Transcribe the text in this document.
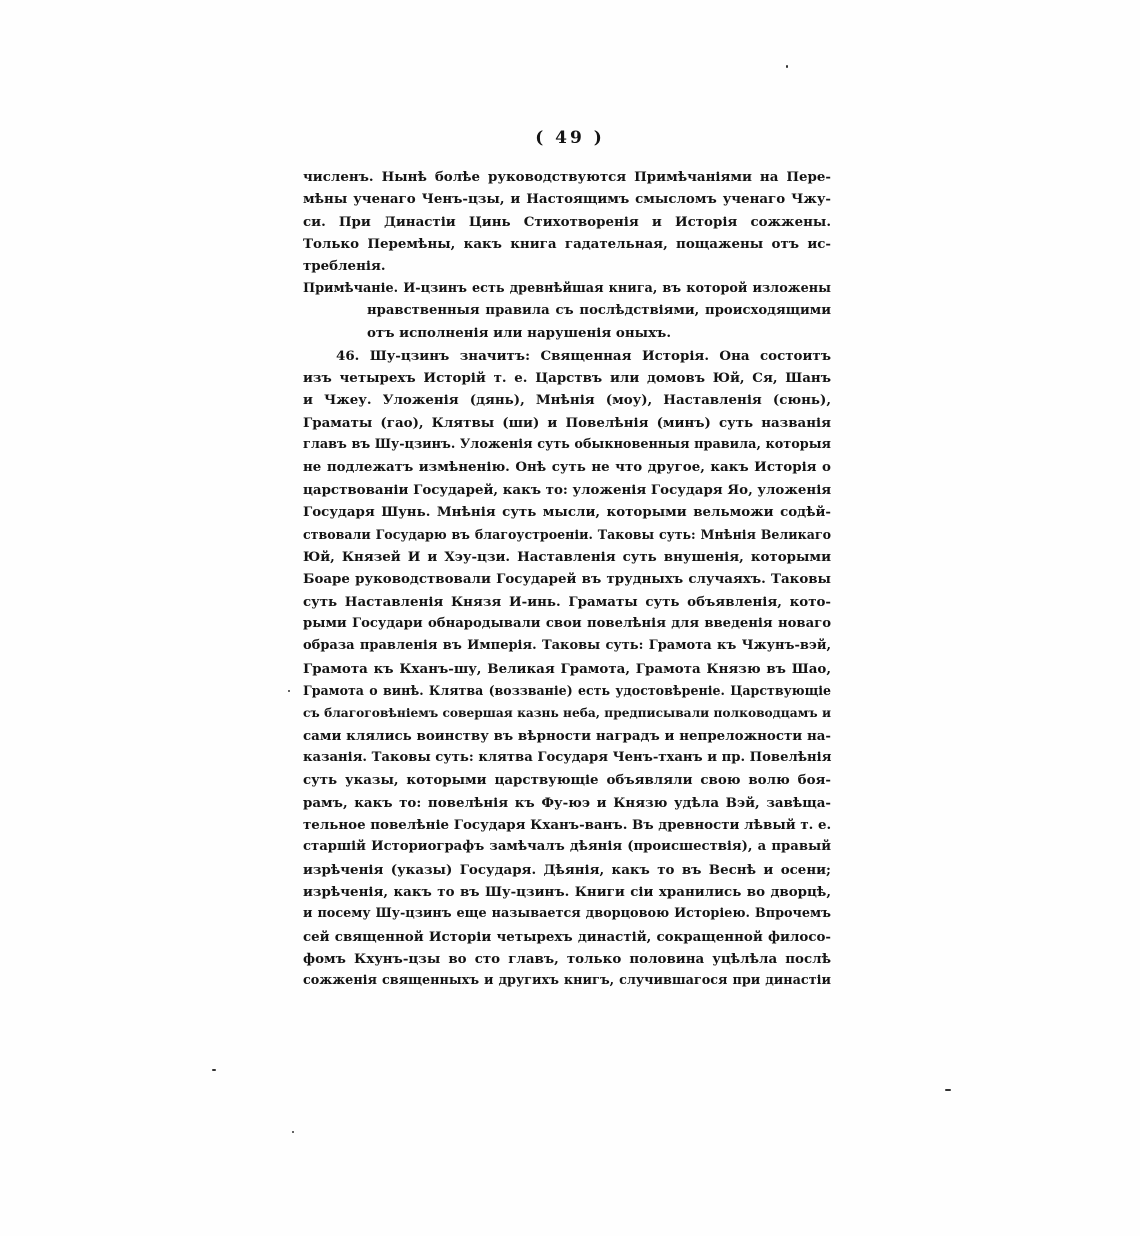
( 49 )
численъ. Нынѣ болѣе руководствуются Примѣчаніями на Пере-
мѣны ученаго Ченъ-цзы, и Настоящимъ смысломъ ученаго Чжу-
си. При Династіи Цинь Стихотворенія и Исторія сожжены.
Только Перемѣны, какъ книга гадательная, пощажены отъ ис-
требленія.
Примѣчаніе. И-цзинъ есть древнѣйшая книга, въ которой изложены
нравственныя правила съ послѣдствіями, происходящими
отъ исполненія или нарушенія оныхъ.
46. Шу-цзинъ значитъ: Священная Исторія. Она состоитъ
изъ четырехъ Исторій т. е. Царствъ или домовъ Юй, Ся, Шанъ
и Чжеу. Уложенія (дянь), Мнѣнія (моу), Наставленія (сюнь),
Граматы (гао), Клятвы (ши) и Повелѣнія (минъ) суть названія
главъ въ Шу-цзинъ. Уложенія суть обыкновенныя правила, которыя
не подлежатъ измѣненію. Онѣ суть не что другое, какъ Исторія о
царствованіи Государей, какъ то: уложенія Государя Яо, уложенія
Государя Шунь. Мнѣнія суть мысли, которыми вельможи содѣй-
ствовали Государю въ благоустроеніи. Таковы суть: Мнѣнія Великаго
Юй, Князей И и Хэу-цзи. Наставленія суть внушенія, которыми
Боаре руководствовали Государей въ трудныхъ случаяхъ. Таковы
суть Наставленія Князя И-инь. Граматы суть объявленія, кото-
рыми Государи обнародывали свои повелѣнія для введенія новаго
образа правленія въ Имперія. Таковы суть: Грамота къ Чжунъ-вэй,
Грамота къ Кханъ-шу, Великая Грамота, Грамота Князю въ Шао,
Грамота о винѣ. Клятва (воззваніе) есть удостовѣреніе. Царствующіе
съ благоговѣніемъ совершая казнь неба, предписывали полководцамъ и
сами клялись воинству въ вѣрности наградъ и непреложности на-
казанія. Таковы суть: клятва Государя Ченъ-тханъ и пр. Повелѣнія
суть указы, которыми царствующіе объявляли свою волю боя-
рамъ, какъ то: повелѣнія къ Фу-юэ и Князю удѣла Вэй, завѣща-
тельное повелѣніе Государя Кханъ-ванъ. Въ древности лѣвый т. е.
старшій Историографъ замѣчалъ дѣянія (происшествія), а правый
изрѣченія (указы) Государя. Дѣянія, какъ то въ Веснѣ и осени;
изрѣченія, какъ то въ Шу-цзинъ. Книги сіи хранились во дворцѣ,
и посему Шу-цзинъ еще называется дворцовою Исторіею. Впрочемъ
сей священной Исторіи четырехъ династій, сокращенной филосо-
фомъ Кхунъ-цзы во сто главъ, только половина уцѣлѣла послѣ
сожженія священныхъ и другихъ книгъ, случившагося при династіи
